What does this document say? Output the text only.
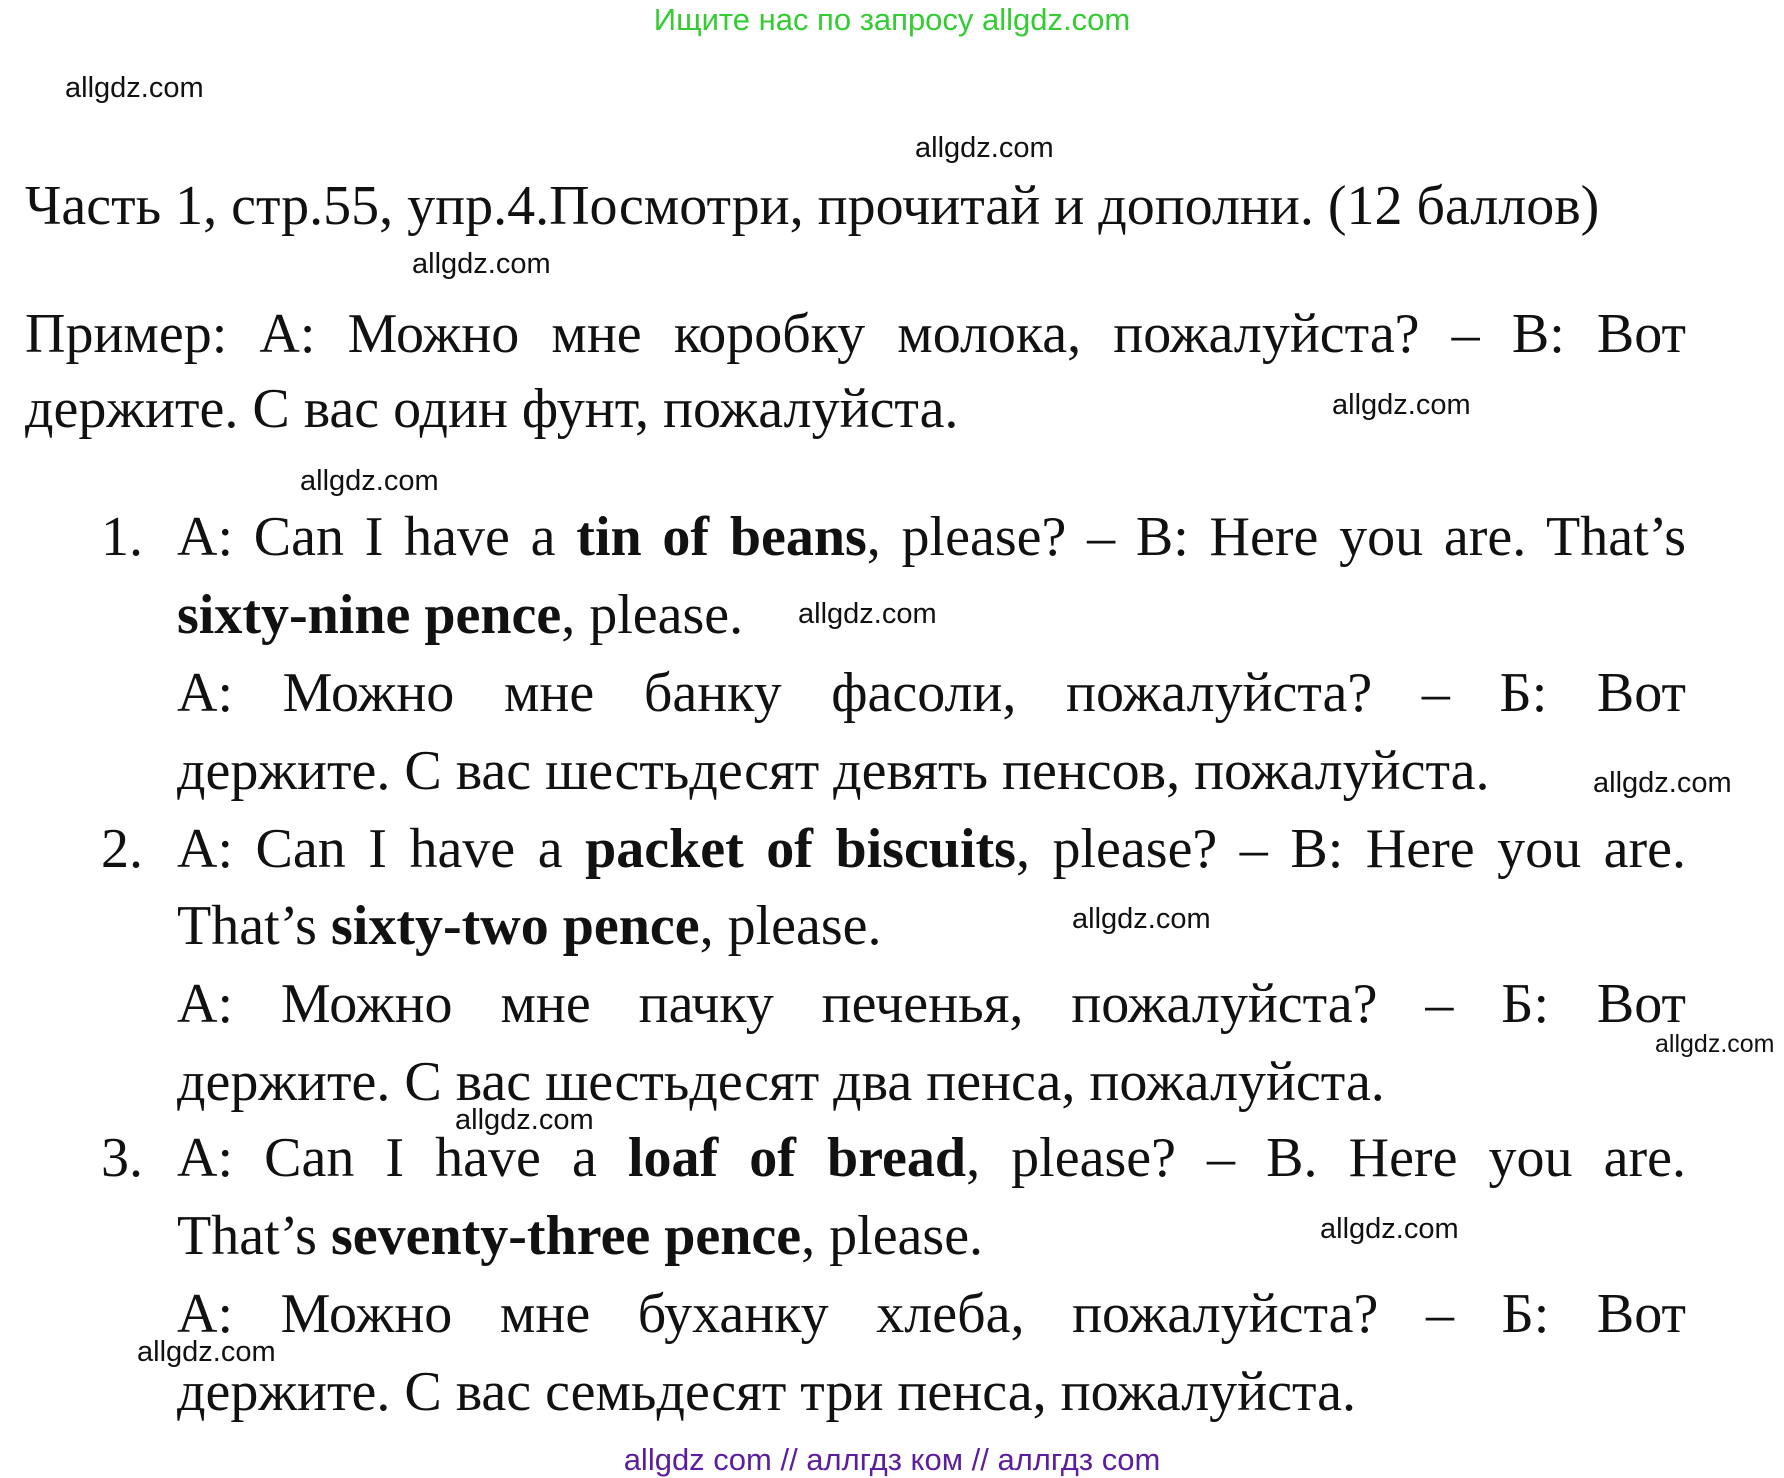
Ищите нас по запросу allgdz.com
Часть 1, стр.55, упр.4.Посмотри, прочитай и дополни. (12 баллов)
Пример: A: Можно мне коробку молока, пожалуйста? – B: Вот
держите. С вас один фунт, пожалуйста.
1. A: Can I have a tin of beans, please? – B: Here you are. That’s
sixty-nine pence, please.
А: Можно мне банку фасоли, пожалуйста? – Б: Вот
держите. С вас шестьдесят девять пенсов, пожалуйста.
2. A: Can I have a packet of biscuits, please? – B: Here you are.
That’s sixty-two pence, please.
А: Можно мне пачку печенья, пожалуйста? – Б: Вот
держите. С вас шестьдесят два пенса, пожалуйста.
3. A: Can I have a loaf of bread, please? – B. Here you are.
That’s seventy-three pence, please.
А: Можно мне буханку хлеба, пожалуйста? – Б: Вот
держите. С вас семьдесят три пенса, пожалуйста.
allgdz.com
allgdz.com
allgdz.com
allgdz.com
allgdz.com
allgdz.com
allgdz.com
allgdz.com
allgdz.com
allgdz.com
allgdz.com
allgdz.com
allgdz com // аллгдз ком // аллгдз com
